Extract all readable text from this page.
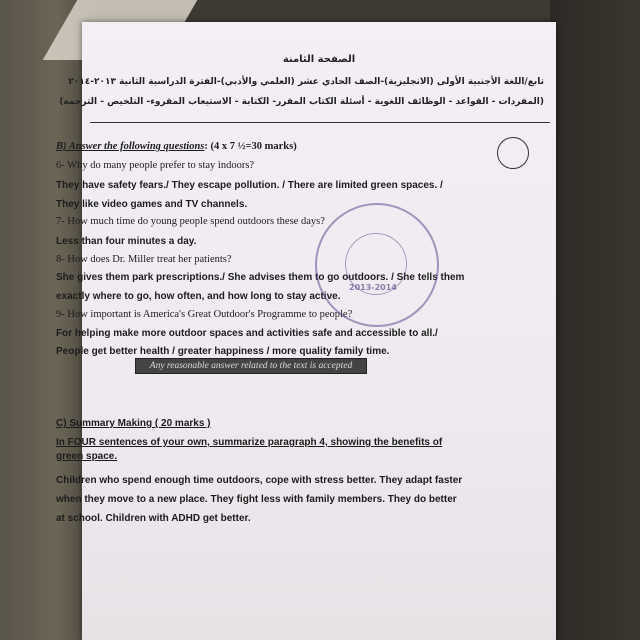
الصفحة الثامنة
تابع/اللغة الأجنبية الأولى (الانجليزية)-الصف الحادي عشر (العلمي والأدبي)-الفترة الدراسية الثانية ٢٠١٣-٢٠١٤
(المفردات - القواعد - الوظائف اللغوية - أسئلة الكتاب المقرر- الكتابة - الاستيعاب المقروء- التلخيص - الترجمة)
B) Answer the following questions: (4 x 7 ½=30 marks)
6- Why do many people prefer to stay indoors?
They have safety fears./ They escape pollution. / There are limited green spaces. /
They like video games and TV channels.
7- How much time do young people spend outdoors these days?
Less than four minutes a day.
8- How does Dr. Miller treat her patients?
She gives them park prescriptions./ She advises them to go outdoors. / She tells them
exactly where to go, how often, and how long to stay active.
9- How important is America's Great Outdoor's Programme to people?
For helping make more outdoor spaces and activities safe and accessible to all./
People get better health / greater happiness / more quality family time.
2013-2014
Any reasonable answer related to the text is accepted
C) Summary Making ( 20 marks )
In FOUR sentences of your own, summarize paragraph 4, showing the benefits of
green space.
Children who spend enough time outdoors, cope with stress better. They adapt faster
when they move to a new place. They fight less with family members. They do better
at school. Children with ADHD get better.
